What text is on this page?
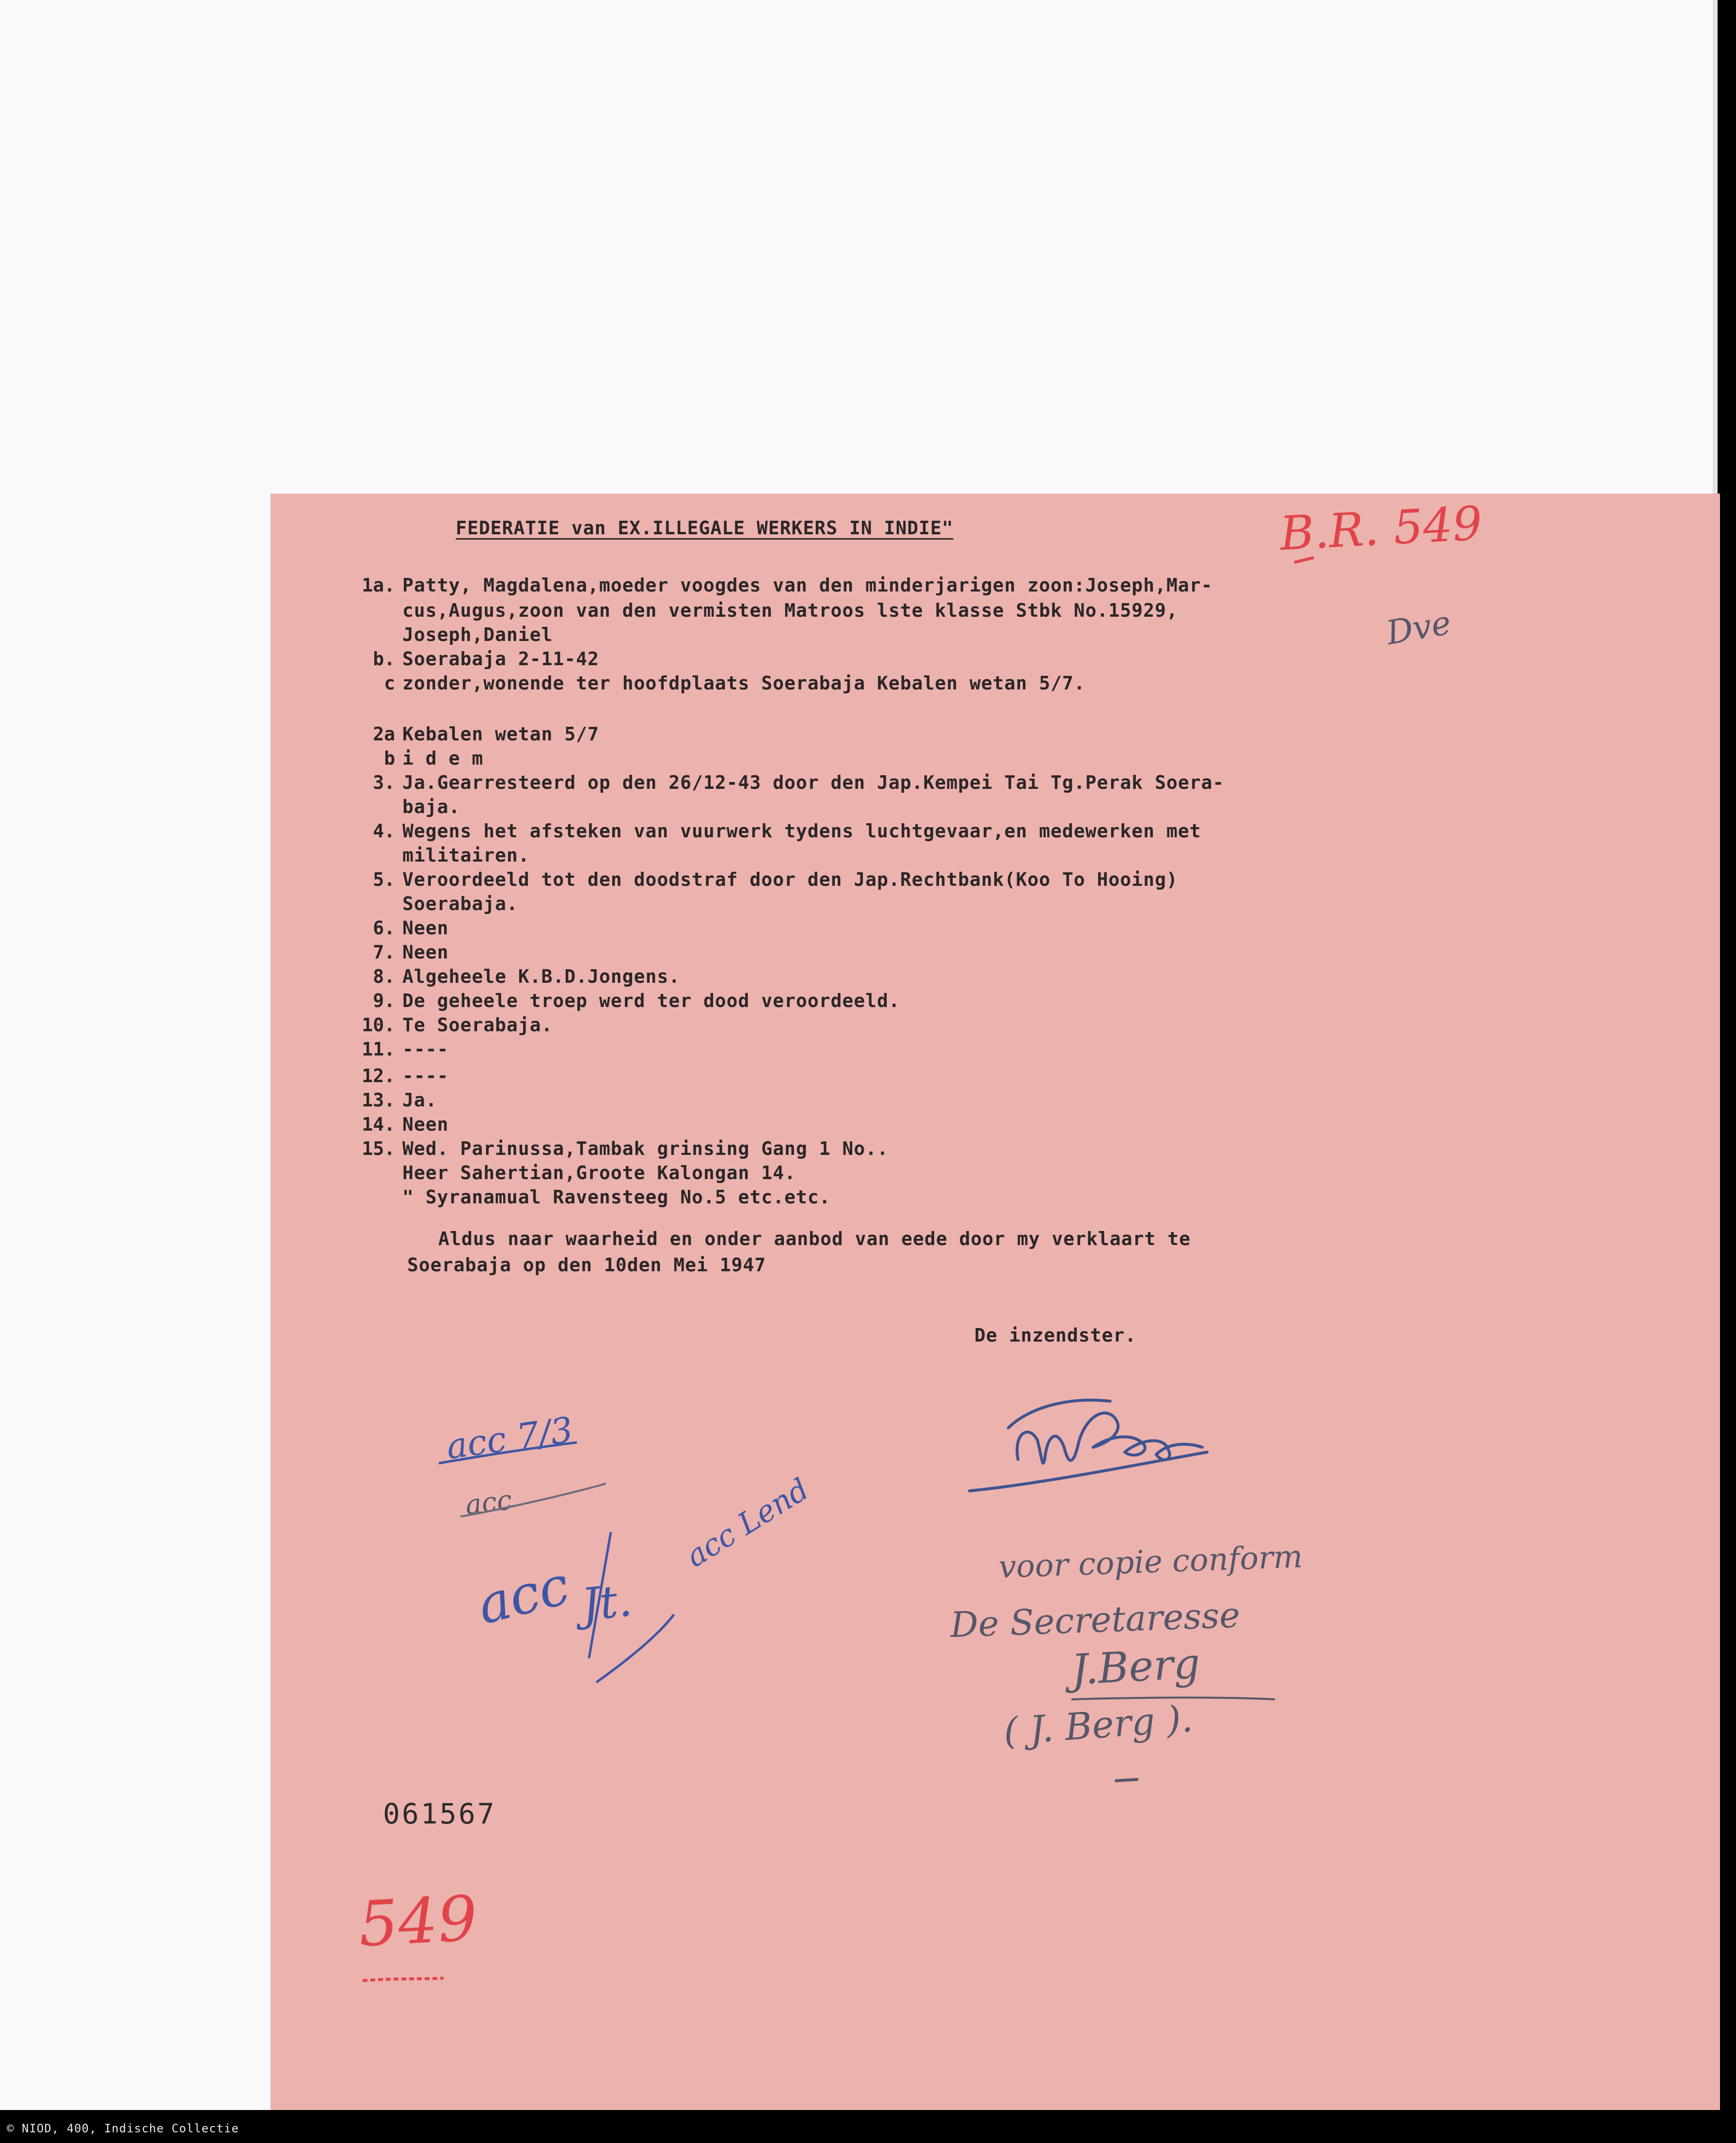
FEDERATIE van EX.ILLEGALE WERKERS IN INDIE"
1a. Patty, Magdalena,moeder voogdes van den minderjarigen zoon:Joseph,Mar-
cus,Augus,zoon van den vermisten Matroos lste klasse Stbk No.15929,
Joseph,Daniel
b. Soerabaja 2-11-42
c zonder,wonende ter hoofdplaats Soerabaja Kebalen wetan 5/7.
2a Kebalen wetan 5/7
b i d e m
3. Ja.Gearresteerd op den 26/12-43 door den Jap.Kempei Tai Tg.Perak Soera-
baja.
4. Wegens het afsteken van vuurwerk tydens luchtgevaar,en medewerken met
militairen.
5. Veroordeeld tot den doodstraf door den Jap.Rechtbank(Koo To Hooing)
Soerabaja.
6. Neen
7. Neen
8. Algeheele K.B.D.Jongens.
9. De geheele troep werd ter dood veroordeeld.
10. Te Soerabaja.
11. ----
12. ----
13. Ja.
14. Neen
15. Wed. Parinussa,Tambak grinsing Gang 1 No..
Heer Sahertian,Groote Kalongan 14.
" Syranamual Ravensteeg No.5 etc.etc.
Aldus naar waarheid en onder aanbod van eede door my verklaart te
Soerabaja op den 10den Mei 1947
De inzendster.
061567
B.R. 549
Dve
acc 7/3
acc
acc
acc Lend
Jt.
voor copie conform
De Secretaresse
J.Berg
( J. Berg ).
549
© NIOD, 400, Indische Collectie
